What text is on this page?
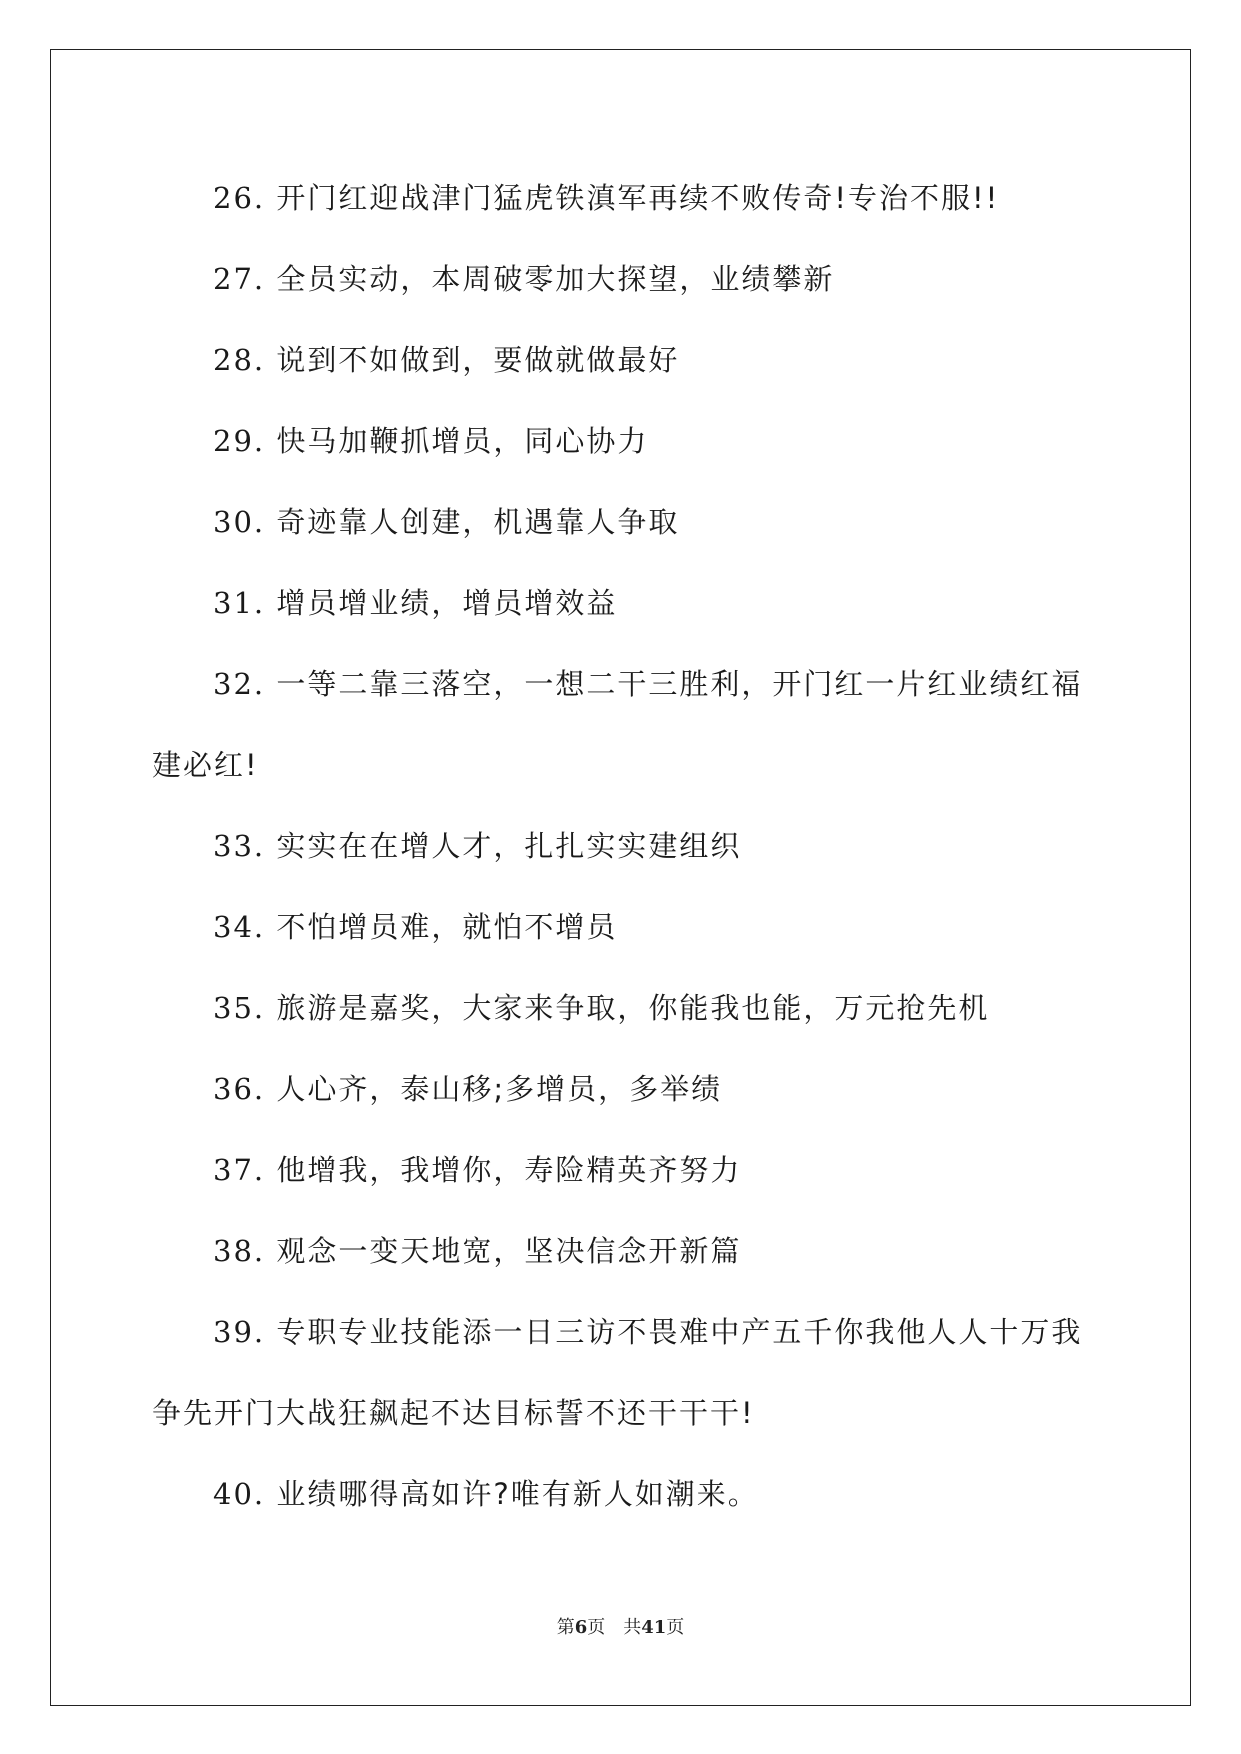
26. 开门红迎战津门猛虎铁滇军再续不败传奇!专治不服!!

27. 全员实动，本周破零加大探望，业绩攀新

28. 说到不如做到，要做就做最好

29. 快马加鞭抓增员，同心协力

30. 奇迹靠人创建，机遇靠人争取

31. 增员增业绩，增员增效益

32. 一等二靠三落空，一想二干三胜利，开门红一片红业绩红福建必红!

33. 实实在在增人才，扎扎实实建组织

34. 不怕增员难，就怕不增员

35. 旅游是嘉奖，大家来争取，你能我也能，万元抢先机

36. 人心齐，泰山移;多增员，多举绩

37. 他增我，我增你，寿险精英齐努力

38. 观念一变天地宽，坚决信念开新篇

39. 专职专业技能添一日三访不畏难中产五千你我他人人十万我争先开门大战狂飙起不达目标誓不还干干干!

40. 业绩哪得高如许?唯有新人如潮来。

第6页　共41页
